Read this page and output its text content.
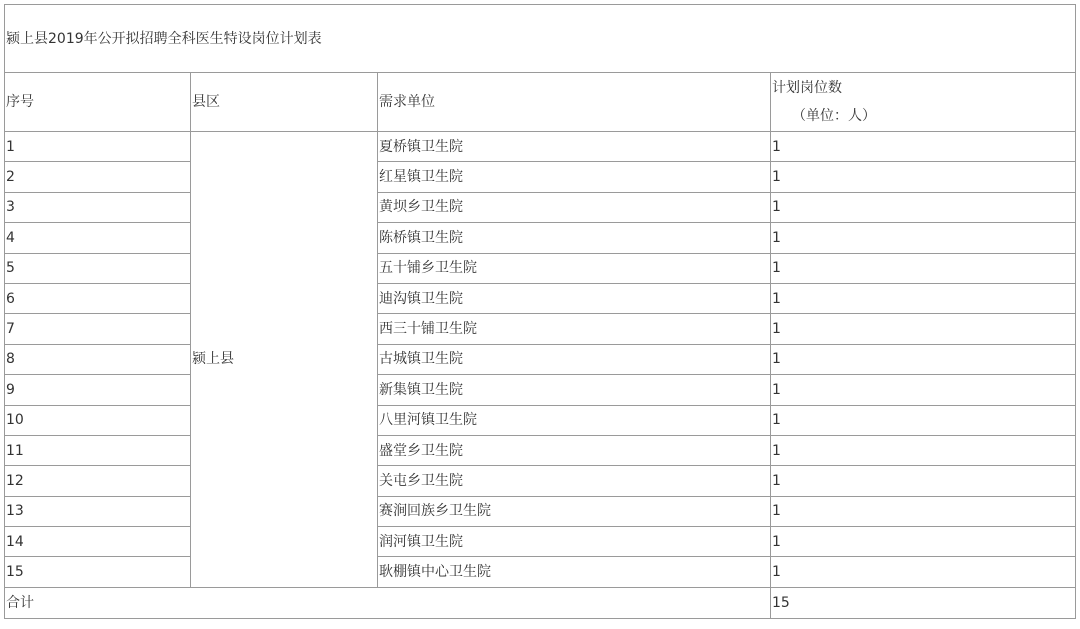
颍上县2019年公开拟招聘全科医生特设岗位计划表			
序号	县区	需求单位	计划岗位数
（单位：人）

1	颍上县	夏桥镇卫生院	1
2		红星镇卫生院	1
3		黄坝乡卫生院	1
4		陈桥镇卫生院	1
5		五十铺乡卫生院	1
6		迪沟镇卫生院	1
7		西三十铺卫生院	1
8		古城镇卫生院	1
9		新集镇卫生院	1
10		八里河镇卫生院	1
11		盛堂乡卫生院	1
12		关屯乡卫生院	1
13		赛涧回族乡卫生院	1
14		润河镇卫生院	1
15		耿棚镇中心卫生院	1
合计			15
